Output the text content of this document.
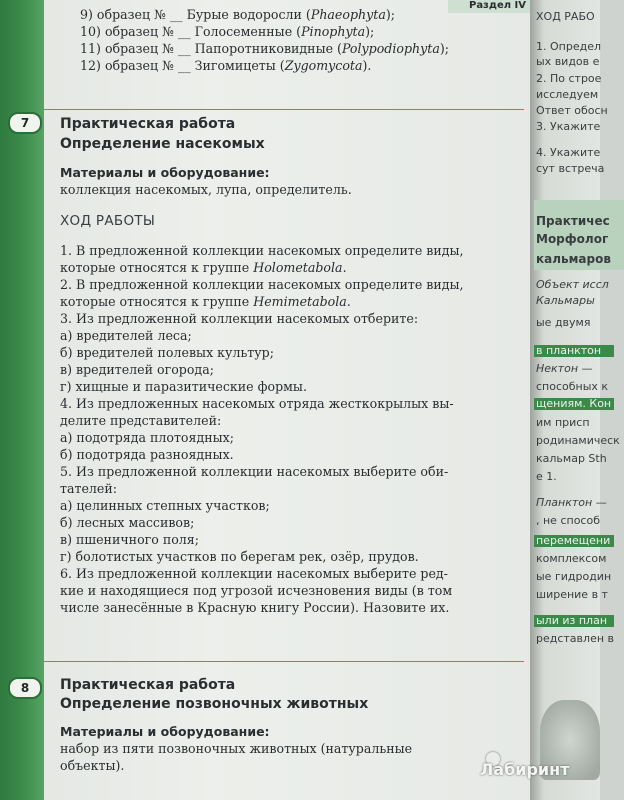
Раздел IV
9) образец № __ Бурые водоросли (Phaeophyta);
10) образец № __ Голосеменные (Pinophyta);
11) образец № __ Папоротниковидные (Polypodiophyta);
12) образец № __ Зигомицеты (Zygomycota).
7	Практическая работа
Определение насекомых
Материалы и оборудование:
коллекция насекомых, лупа, определитель.
ХОД РАБОТЫ
1. В предложенной коллекции насекомых определите виды,
которые относятся к группе Holometabola.
2. В предложенной коллекции насекомых определите виды,
которые относятся к группе Hemimetabola.
3. Из предложенной коллекции насекомых отберите:
а) вредителей леса;
б) вредителей полевых культур;
в) вредителей огорода;
г) хищные и паразитические формы.
4. Из предложенных насекомых отряда жесткокрылых вы-
делите представителей:
а) подотряда плотоядных;
б) подотряда разноядных.
5. Из предложенной коллекции насекомых выберите оби-
тателей:
а) целинных степных участков;
б) лесных массивов;
в) пшеничного поля;
г) болотистых участков по берегам рек, озёр, прудов.
6. Из предложенной коллекции насекомых выберите ред-
кие и находящиеся под угрозой исчезновения виды (в том
числе занесённые в Красную книгу России). Назовите их.
8	Практическая работа
Определение позвоночных животных
Материалы и оборудование:
набор из пяти позвоночных животных (натуральные
объекты).
ХОД РАБО
1. Определ
ых видов е
2. По строе
исследуем
Ответ обосн
3. Укажите
4. Укажите
сут встреча
Практичес
Морфолог
кальмаров
Объект иссл
Кальмары
ые двумя
в планктон
Нектон —
способных к
щениям. Кон
им присп
родинамическ
кальмар Sth
е 1.
Планктон —
, не способ
перемещени
комплексом
ые гидродин
ширение в т
ыли из план
редставлен в
Лабиринт
